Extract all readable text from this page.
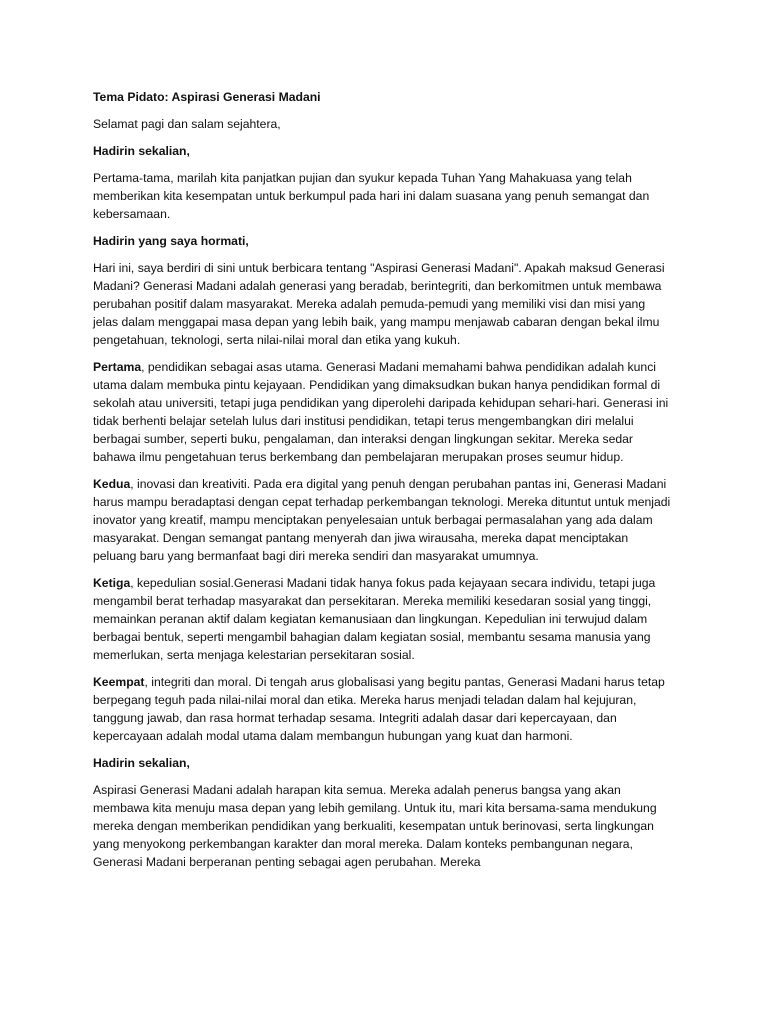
Tema Pidato: Aspirasi Generasi Madani

Selamat pagi dan salam sejahtera,

Hadirin sekalian,

Pertama-tama, marilah kita panjatkan pujian dan syukur kepada Tuhan Yang Mahakuasa yang telah memberikan kita kesempatan untuk berkumpul pada hari ini dalam suasana yang penuh semangat dan kebersamaan.

Hadirin yang saya hormati,

Hari ini, saya berdiri di sini untuk berbicara tentang "Aspirasi Generasi Madani". Apakah maksud Generasi Madani? Generasi Madani adalah generasi yang beradab, berintegriti, dan berkomitmen untuk membawa perubahan positif dalam masyarakat. Mereka adalah pemuda-pemudi yang memiliki visi dan misi yang jelas dalam menggapai masa depan yang lebih baik, yang mampu menjawab cabaran dengan bekal ilmu pengetahuan, teknologi, serta nilai-nilai moral dan etika yang kukuh.

Pertama, pendidikan sebagai asas utama. Generasi Madani memahami bahwa pendidikan adalah kunci utama dalam membuka pintu kejayaan. Pendidikan yang dimaksudkan bukan hanya pendidikan formal di sekolah atau universiti, tetapi juga pendidikan yang diperolehi daripada kehidupan sehari-hari. Generasi ini tidak berhenti belajar setelah lulus dari institusi pendidikan, tetapi terus mengembangkan diri melalui berbagai sumber, seperti buku, pengalaman, dan interaksi dengan lingkungan sekitar. Mereka sedar bahawa ilmu pengetahuan terus berkembang dan pembelajaran merupakan proses seumur hidup.

Kedua, inovasi dan kreativiti. Pada era digital yang penuh dengan perubahan pantas ini, Generasi Madani harus mampu beradaptasi dengan cepat terhadap perkembangan teknologi. Mereka dituntut untuk menjadi inovator yang kreatif, mampu menciptakan penyelesaian untuk berbagai permasalahan yang ada dalam masyarakat. Dengan semangat pantang menyerah dan jiwa wirausaha, mereka dapat menciptakan peluang baru yang bermanfaat bagi diri mereka sendiri dan masyarakat umumnya.

Ketiga, kepedulian sosial.Generasi Madani tidak hanya fokus pada kejayaan secara individu, tetapi juga mengambil berat terhadap masyarakat dan persekitaran. Mereka memiliki kesedaran sosial yang tinggi, memainkan peranan aktif dalam kegiatan kemanusiaan dan lingkungan. Kepedulian ini terwujud dalam berbagai bentuk, seperti mengambil bahagian dalam kegiatan sosial, membantu sesama manusia yang memerlukan, serta menjaga kelestarian persekitaran sosial.

Keempat, integriti dan moral. Di tengah arus globalisasi yang begitu pantas, Generasi Madani harus tetap berpegang teguh pada nilai-nilai moral dan etika. Mereka harus menjadi teladan dalam hal kejujuran, tanggung jawab, dan rasa hormat terhadap sesama. Integriti adalah dasar dari kepercayaan, dan kepercayaan adalah modal utama dalam membangun hubungan yang kuat dan harmoni.

Hadirin sekalian,

Aspirasi Generasi Madani adalah harapan kita semua. Mereka adalah penerus bangsa yang akan membawa kita menuju masa depan yang lebih gemilang. Untuk itu, mari kita bersama-sama mendukung mereka dengan memberikan pendidikan yang berkualiti, kesempatan untuk berinovasi, serta lingkungan yang menyokong perkembangan karakter dan moral mereka. Dalam konteks pembangunan negara, Generasi Madani berperanan penting sebagai agen perubahan. Mereka
